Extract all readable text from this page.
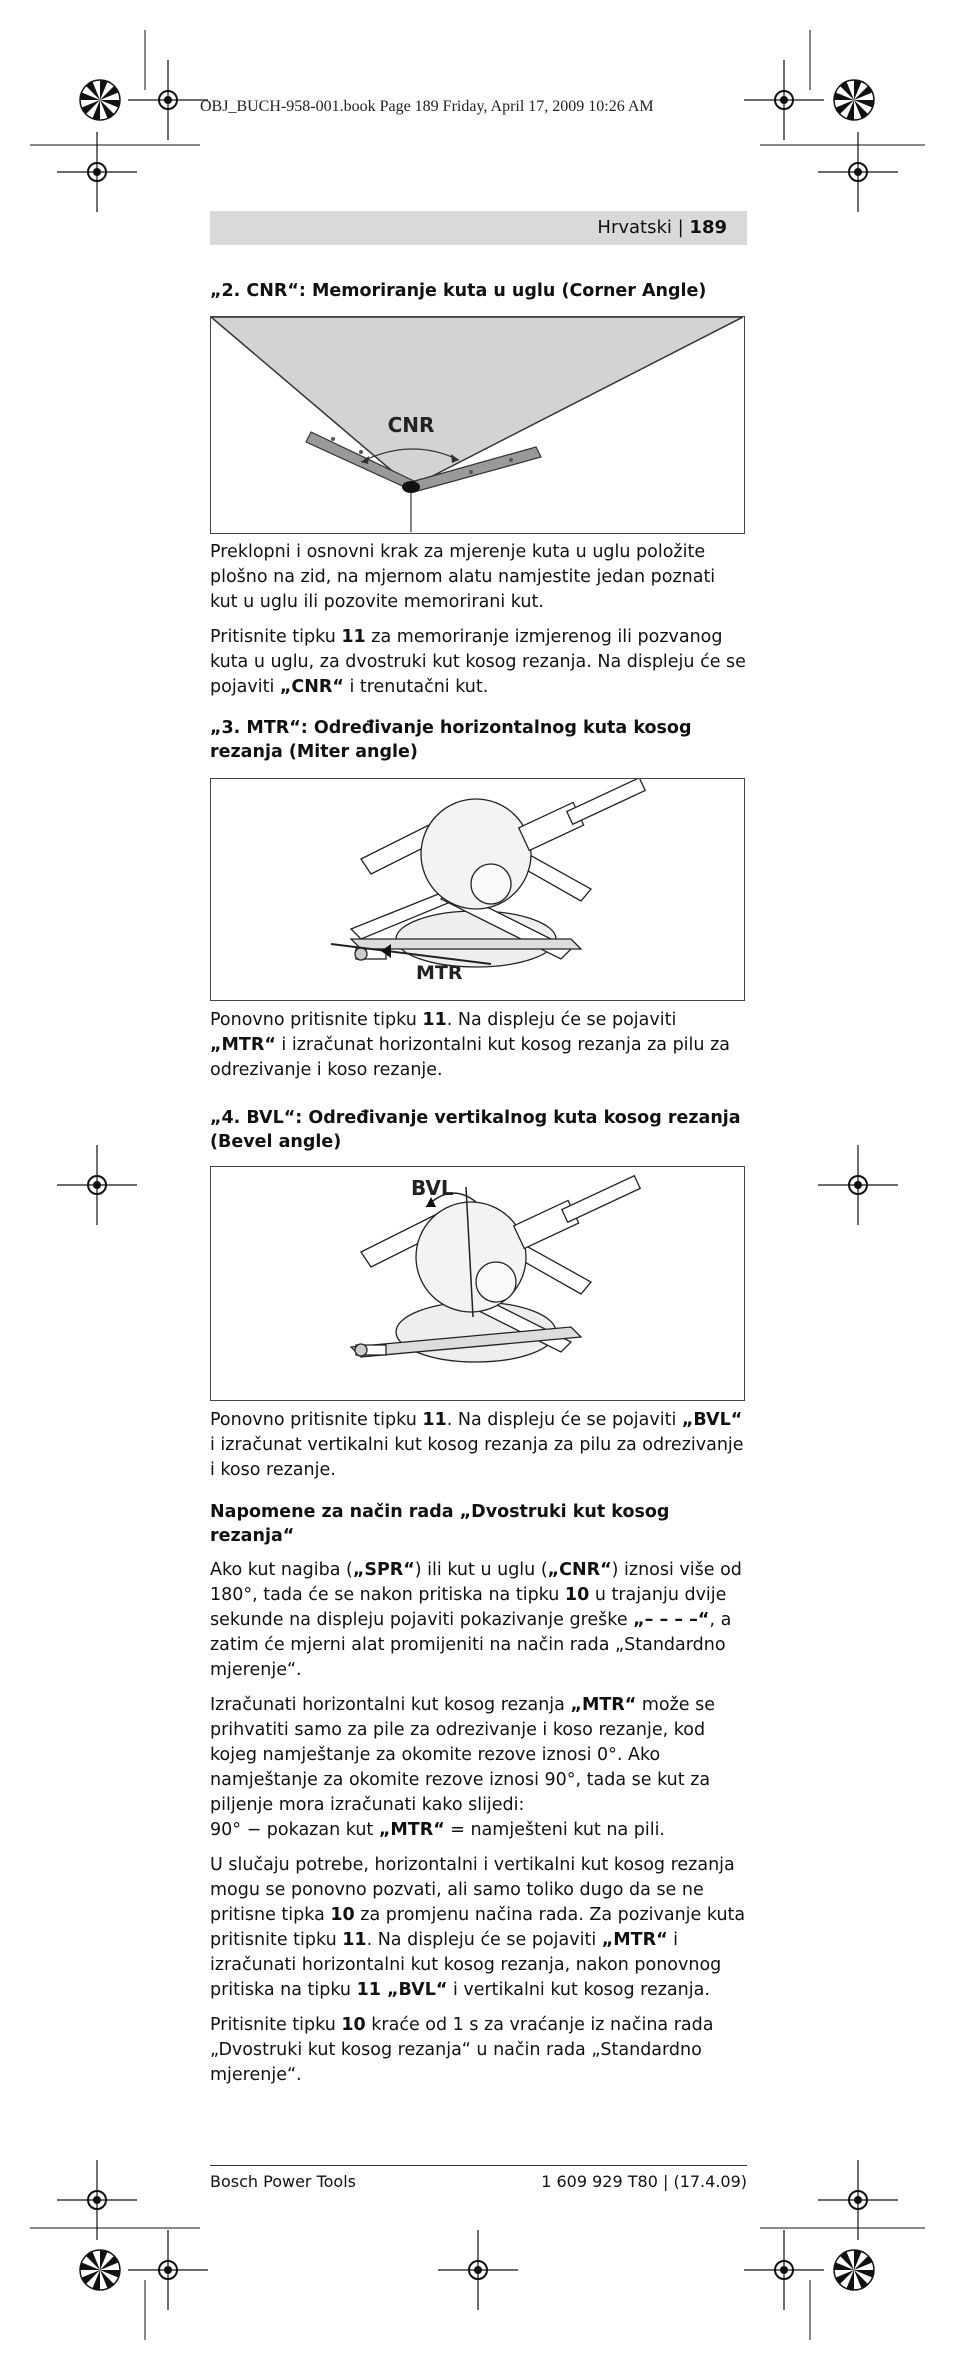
OBJ_BUCH-958-001.book Page 189 Friday, April 17, 2009 10:26 AM
Hrvatski | 189
„2. CNR“: Memoriranje kuta u uglu (Corner Angle)
CNR

Preklopni i osnovni krak za mjerenje kuta u uglu položite plošno na zid, na mjernom alatu namjestite jedan poznati kut u uglu ili pozovite memorirani kut.

Pritisnite tipku 11 za memoriranje izmjerenog ili pozvanog kuta u uglu, za dvostruki kut kosog rezanja. Na displeju će se pojaviti „CNR“ i trenutačni kut.

„3. MTR“: Određivanje horizontalnog kuta kosog rezanja (Miter angle)
MTR

Ponovno pritisnite tipku 11. Na displeju će se pojaviti „MTR“ i izračunat horizontalni kut kosog rezanja za pilu za odrezivanje i koso rezanje.

„4. BVL“: Određivanje vertikalnog kuta kosog rezanja (Bevel angle)
BVL

Ponovno pritisnite tipku 11. Na displeju će se pojaviti „BVL“ i izračunat vertikalni kut kosog rezanja za pilu za odrezivanje i koso rezanje.

Napomene za način rada „Dvostruki kut kosog rezanja“

Ako kut nagiba („SPR“) ili kut u uglu („CNR“) iznosi više od 180°, tada će se nakon pritiska na tipku 10 u trajanju dvije sekunde na displeju pojaviti pokazivanje greške „– – – –“, a zatim će mjerni alat promijeniti na način rada „Standardno mjerenje“.

Izračunati horizontalni kut kosog rezanja „MTR“ može se prihvatiti samo za pile za odrezivanje i koso rezanje, kod kojeg namještanje za okomite rezove iznosi 0°. Ako namještanje za okomite rezove iznosi 90°, tada se kut za piljenje mora izračunati kako slijedi:

90° − pokazan kut „MTR“ = namješteni kut na pili.

U slučaju potrebe, horizontalni i vertikalni kut kosog rezanja mogu se ponovno pozvati, ali samo toliko dugo da se ne pritisne tipka 10 za promjenu načina rada. Za pozivanje kuta pritisnite tipku 11. Na displeju će se pojaviti „MTR“ i izračunati horizontalni kut kosog rezanja, nakon ponovnog pritiska na tipku 11 „BVL“ i vertikalni kut kosog rezanja.

Pritisnite tipku 10 kraće od 1 s za vraćanje iz načina rada „Dvostruki kut kosog rezanja“ u način rada „Standardno mjerenje“.

Bosch Power Tools	1 609 929 T80 | (17.4.09)
